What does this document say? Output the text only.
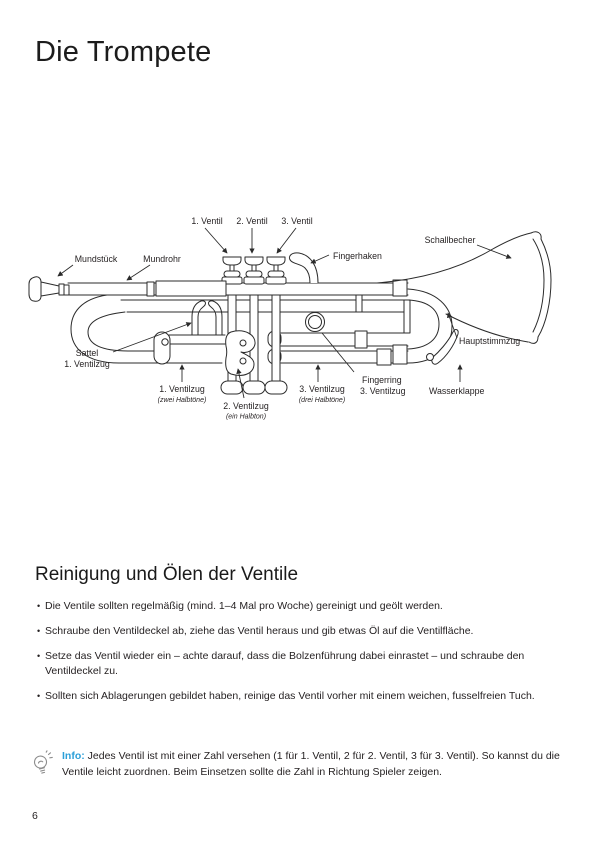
Die Trompete
1. Ventil 2. Ventil 3. Ventil
Schallbecher
Mundstück	Mundrohr	Fingerhaken
Hauptstimmzug
Sattel
1. Ventilzug
1. Ventilzug
(zwei Halbtöne)
2. Ventilzug
(ein Halbton)
3. Ventilzug
(drei Halbtöne)
Fingerring
3. Ventilzug	Wasserklappe
Reinigung und Ölen der Ventile
• Die Ventile sollten regelmäßig (mind. 1–4 Mal pro Woche) gereinigt und geölt werden.
• Schraube den Ventildeckel ab, ziehe das Ventil heraus und gib etwas Öl auf die Ventilfläche.
• Setze das Ventil wieder ein – achte darauf, dass die Bolzenführung dabei einrastet – und schraube den Ventildeckel zu.
• Sollten sich Ablagerungen gebildet haben, reinige das Ventil vorher mit einem weichen, fusselfreien Tuch.
Info: Jedes Ventil ist mit einer Zahl versehen (1 für 1. Ventil, 2 für 2. Ventil, 3 für 3. Ventil). So kannst du die Ventile leicht zuordnen. Beim Einsetzen sollte die Zahl in Richtung Spieler zeigen.
6
